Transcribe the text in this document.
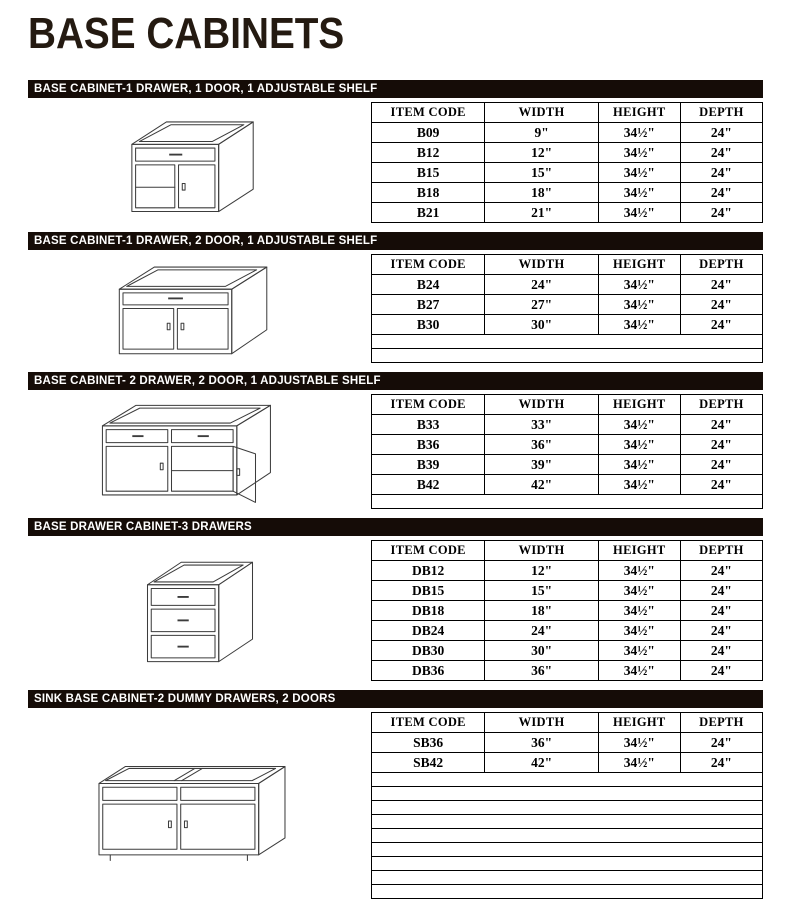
BASE CABINETS
BASE CABINET-1 DRAWER, 1 DOOR, 1 ADJUSTABLE SHELF
ITEM CODE	WIDTH	HEIGHT	DEPTH
B09	9"	34½"	24"
B12	12"	34½"	24"
B15	15"	34½"	24"
B18	18"	34½"	24"
B21	21"	34½"	24"
BASE CABINET-1 DRAWER, 2 DOOR, 1 ADJUSTABLE SHELF
ITEM CODE	WIDTH	HEIGHT	DEPTH
B24	24"	34½"	24"
B27	27"	34½"	24"
B30	30"	34½"	24"

BASE CABINET- 2 DRAWER, 2 DOOR, 1 ADJUSTABLE SHELF
ITEM CODE	WIDTH	HEIGHT	DEPTH
B33	33"	34½"	24"
B36	36"	34½"	24"
B39	39"	34½"	24"
B42	42"	34½"	24"

BASE DRAWER CABINET-3 DRAWERS
ITEM CODE	WIDTH	HEIGHT	DEPTH
DB12	12"	34½"	24"
DB15	15"	34½"	24"
DB18	18"	34½"	24"
DB24	24"	34½"	24"
DB30	30"	34½"	24"
DB36	36"	34½"	24"
SINK BASE CABINET-2 DUMMY DRAWERS, 2 DOORS
ITEM CODE	WIDTH	HEIGHT	DEPTH
SB36	36"	34½"	24"
SB42	42"	34½"	24"
